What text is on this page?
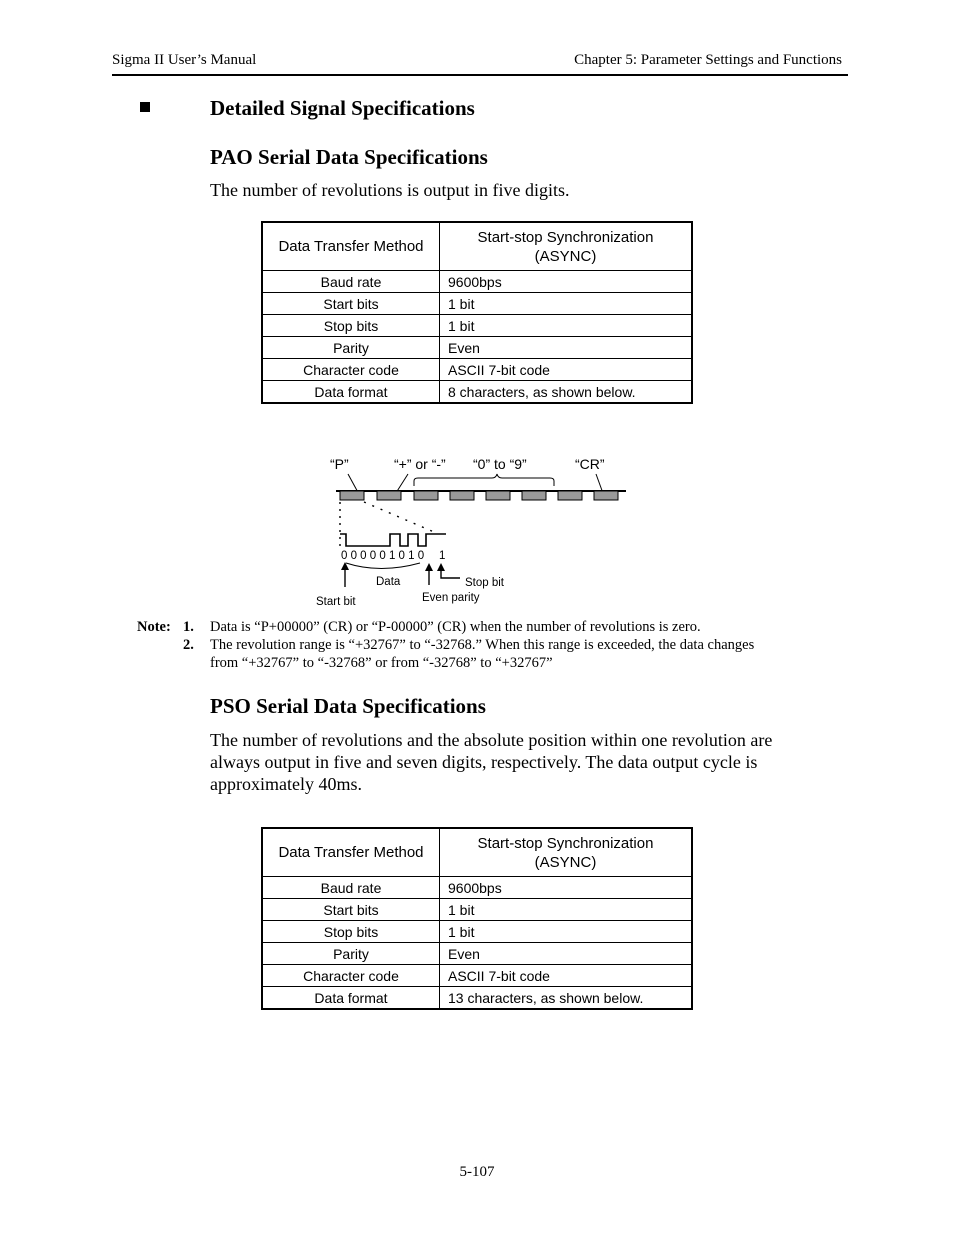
Sigma II User’s Manual	Chapter 5: Parameter Settings and Functions
Detailed Signal Specifications
PAO Serial Data Specifications
The number of revolutions is output in five digits.
Data Transfer Method	Start-stop Synchronization
(ASYNC)

Baud rate	9600bps
Start bits	1 bit
Stop bits	1 bit
Parity	Even
Character code	ASCII 7-bit code
Data format	8 characters, as shown below.
“P”	“+” or “-” “0” to “9”	“CR”
0 0 0 0 0 1 0 1 0 1
Data	Stop bit
Even parity
Start bit
Note: 1. Data is “P+00000” (CR) or “P-00000” (CR) when the number of revolutions is zero.
2. The revolution range is “+32767” to “-32768.” When this range is exceeded, the data changes
from “+32767” to “-32768” or from “-32768” to “+32767”
PSO Serial Data Specifications
The number of revolutions and the absolute position within one revolution are
always output in five and seven digits, respectively. The data output cycle is
approximately 40ms.
Data Transfer Method	Start-stop Synchronization
(ASYNC)

Baud rate	9600bps
Start bits	1 bit
Stop bits	1 bit
Parity	Even
Character code	ASCII 7-bit code
Data format	13 characters, as shown below.
5-107
